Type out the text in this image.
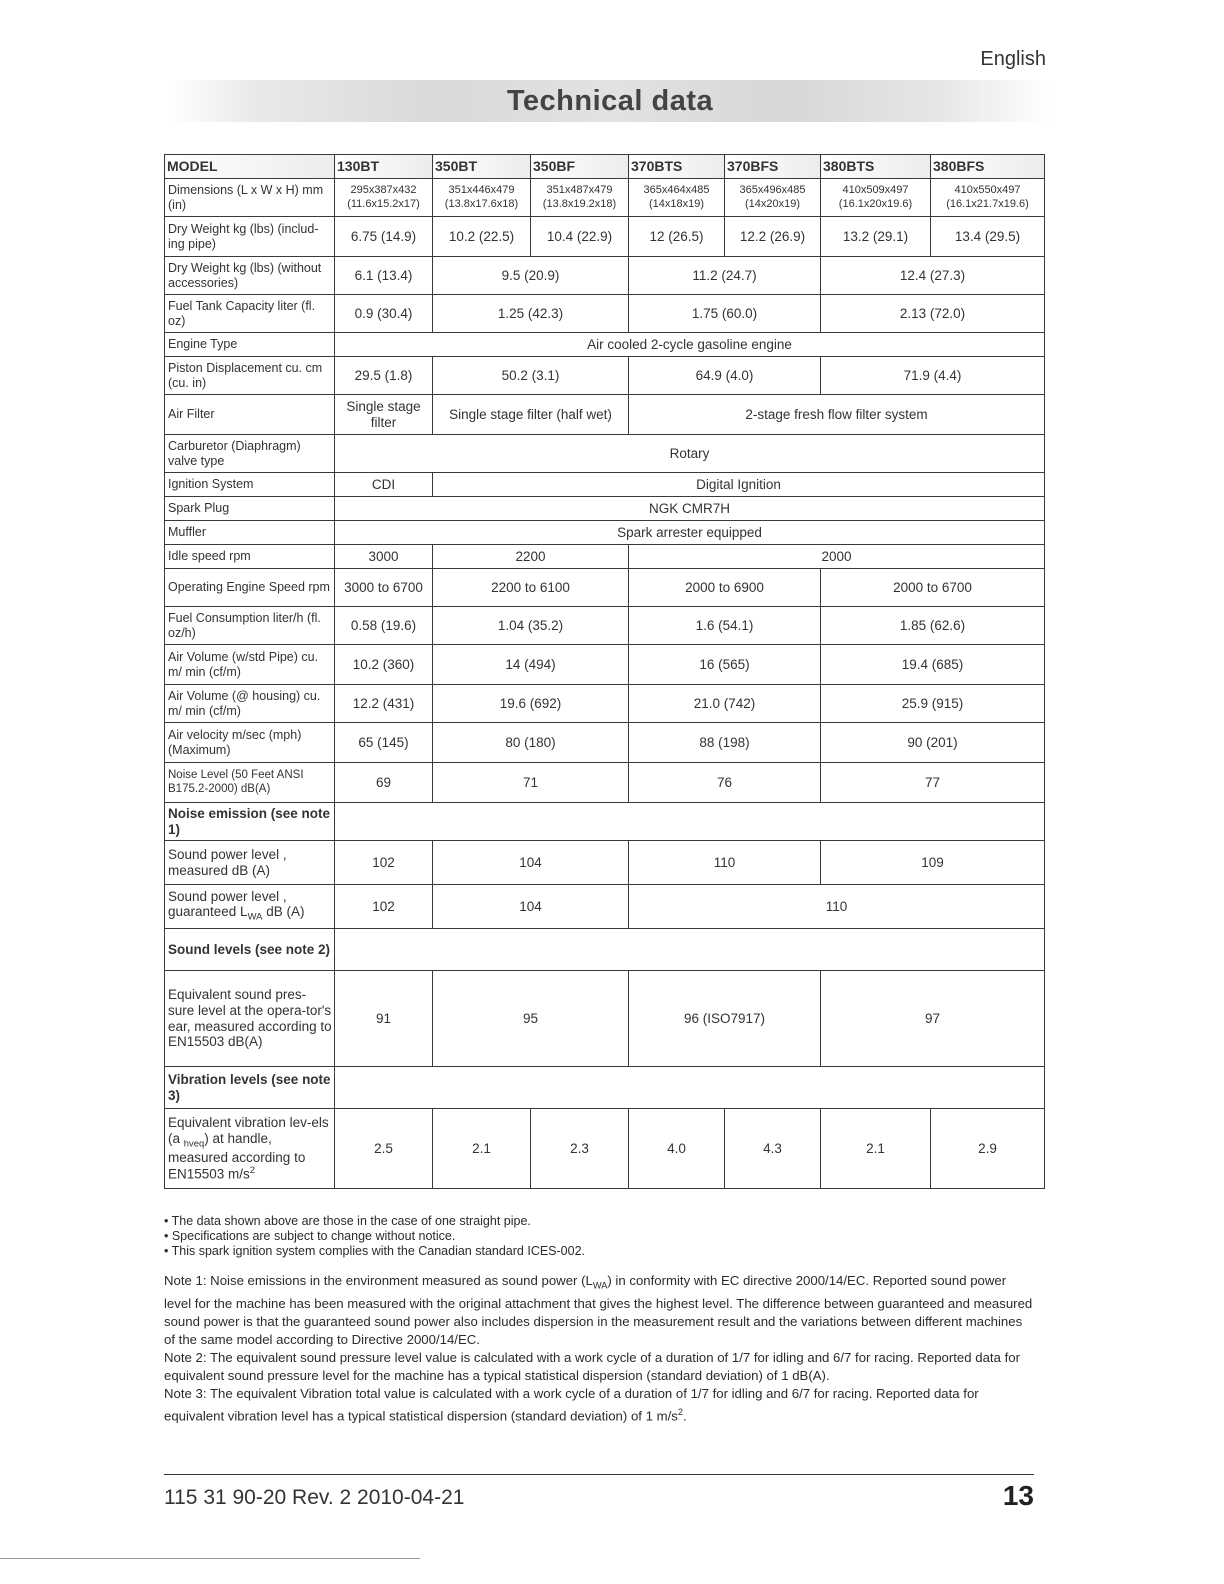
English
Technical data
MODEL	130BT	350BT	350BF	370BTS	370BFS	380BTS	380BFS
Dimensions (L x W x H) mm (in)	295x387x432 (11.6x15.2x17)	351x446x479 (13.8x17.6x18)	351x487x479 (13.8x19.2x18)	365x464x485 (14x18x19)	365x496x485 (14x20x19)	410x509x497 (16.1x20x19.6)	410x550x497 (16.1x21.7x19.6)
Dry Weight kg (lbs) (includ-ing pipe)	6.75 (14.9)	10.2 (22.5)	10.4 (22.9)	12 (26.5)	12.2 (26.9)	13.2 (29.1)	13.4 (29.5)
Dry Weight kg (lbs) (without accessories)	6.1 (13.4)	9.5 (20.9)		11.2 (24.7)		12.4 (27.3)	
Fuel Tank Capacity liter (fl. oz)	0.9 (30.4)	1.25 (42.3)		1.75 (60.0)		2.13 (72.0)	
Engine Type	Air cooled 2-cycle gasoline engine						
Piston Displacement cu. cm (cu. in)	29.5 (1.8)	50.2 (3.1)		64.9 (4.0)		71.9 (4.4)	
Air Filter	Single stage filter	Single stage filter (half wet)		2-stage fresh flow filter system			
Carburetor (Diaphragm) valve type	Rotary						
Ignition System	CDI	Digital Ignition					
Spark Plug	NGK CMR7H						
Muffler	Spark arrester equipped						
Idle speed rpm	3000	2200		2000			
Operating Engine Speed rpm	3000 to 6700	2200 to 6100		2000 to 6900		2000 to 6700	
Fuel Consumption liter/h (fl. oz/h)	0.58 (19.6)	1.04 (35.2)		1.6 (54.1)		1.85 (62.6)	
Air Volume (w/std Pipe) cu. m/ min (cf/m)	10.2 (360)	14 (494)		16 (565)		19.4 (685)	
Air Volume (@ housing) cu. m/ min (cf/m)	12.2 (431)	19.6 (692)		21.0 (742)		25.9 (915)	
Air velocity m/sec (mph) (Maximum)	65 (145)	80 (180)		88 (198)		90 (201)	
Noise Level (50 Feet ANSI B175.2-2000) dB(A)	69	71		76		77	
Noise emission (see note 1)							
Sound power level , measured dB (A)	102	104		110		109	
Sound power level , guaranteed $L_{WA}$ dB (A)	102	104		110			
Sound levels (see note 2)							
Equivalent sound pres-sure level at the opera-tor's ear, measured according to EN15503 dB(A)	91	95		96 (ISO7917)		97	
Vibration levels (see note 3)							
Equivalent vibration lev-els (a $_{hveq}$) at handle, measured according to EN15503 $m/s^2$	2.5	2.1	2.3	4.0	4.3	2.1	2.9
• The data shown above are those in the case of one straight pipe.
• Specifications are subject to change without notice.
• This spark ignition system complies with the Canadian standard ICES-002.

Note 1: Noise emissions in the environment measured as sound power $(L_{WA})$ in conformity with EC directive 2000/14/EC. Reported sound power level for the machine has been measured with the original attachment that gives the highest level. The difference between guaranteed and measured sound power is that the guaranteed sound power also includes dispersion in the measurement result and the variations between different machines of the same model according to Directive 2000/14/EC.

Note 2: The equivalent sound pressure level value is calculated with a work cycle of a duration of 1/7 for idling and 6/7 for racing. Reported data for equivalent sound pressure level for the machine has a typical statistical dispersion (standard deviation) of 1 dB(A).

Note 3: The equivalent Vibration total value is calculated with a work cycle of a duration of 1/7 for idling and 6/7 for racing. Reported data for equivalent vibration level has a typical statistical dispersion (standard deviation) of 1 $m/s^2$.

115 31 90-20 Rev. 2 2010-04-21	13
